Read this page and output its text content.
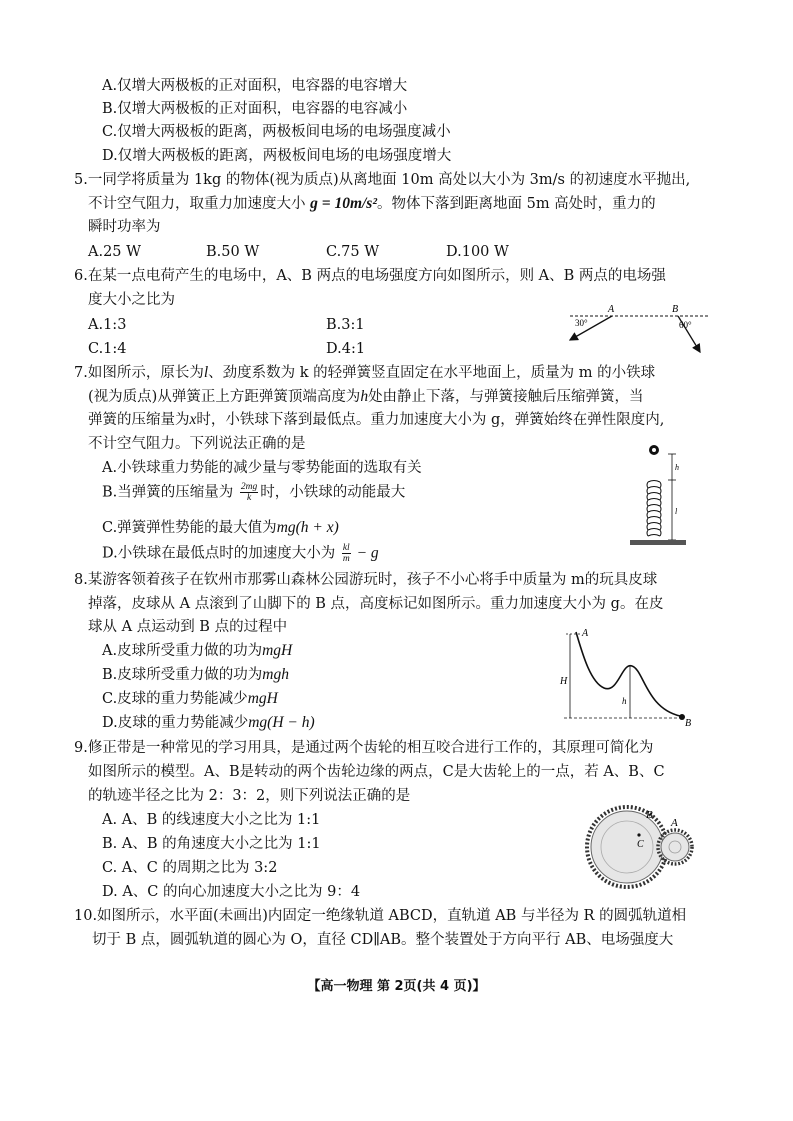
A.仅增大两极板的正对面积，电容器的电容增大
B.仅增大两极板的正对面积，电容器的电容减小
C.仅增大两极板的距离，两极板间电场的电场强度减小
D.仅增大两极板的距离，两极板间电场的电场强度增大
5.一同学将质量为 1kg 的物体(视为质点)从离地面 10m 高处以大小为 3m/s 的初速度水平抛出,
不计空气阻力，取重力加速度大小 g = 10m/s²。物体下落到距离地面 5m 高处时，重力的
瞬时功率为
A.25 W	B.50 W	C.75 W	D.100 W
6.在某一点电荷产生的电场中，A、B 两点的电场强度方向如图所示，则 A、B 两点的电场强
度大小之比为
A.1:3	B.3:1
C.1:4	D.4:1
A	B
30°	60°
7.如图所示，原长为l、劲度系数为 k 的轻弹簧竖直固定在水平地面上，质量为 m 的小铁球
(视为质点)从弹簧正上方距弹簧顶端高度为h处由静止下落，与弹簧接触后压缩弹簧，当
弹簧的压缩量为x时，小铁球下落到最低点。重力加速度大小为 g，弹簧始终在弹性限度内,
不计空气阻力。下列说法正确的是
A.小铁球重力势能的减少量与零势能面的选取有关
B.当弹簧的压缩量为 $\frac{2mg}{k}$ 时，小铁球的动能最大
C.弹簧弹性势能的最大值为mg(h + x)
D.小铁球在最低点时的加速度大小为 $\frac{kl}{m} - g$
h
l
8.某游客领着孩子在钦州市那雾山森林公园游玩时，孩子不小心将手中质量为 m的玩具皮球
掉落，皮球从 A 点滚到了山脚下的 B 点，高度标记如图所示。重力加速度大小为 g。在皮
球从 A 点运动到 B 点的过程中
A.皮球所受重力做的功为mgH
B.皮球所受重力做的功为mgh
C.皮球的重力势能减少mgH
D.皮球的重力势能减少mg(H − h)
A
B
H
h
9.修正带是一种常见的学习用具，是通过两个齿轮的相互咬合进行工作的，其原理可简化为
如图所示的模型。A、B是转动的两个齿轮边缘的两点，C是大齿轮上的一点，若 A、B、C
的轨迹半径之比为 2：3：2，则下列说法正确的是
A. A、B 的线速度大小之比为 1:1
B. A、B 的角速度大小之比为 1:1
C. A、C 的周期之比为 3:2
D. A、C 的向心加速度大小之比为 9：4
B
C
A
10.如图所示，水平面(未画出)内固定一绝缘轨道 ABCD，直轨道 AB 与半径为 R 的圆弧轨道相
切于 B 点，圆弧轨道的圆心为 O，直径 CD∥AB。整个装置处于方向平行 AB、电场强度大
【高一物理 第 2页(共 4 页)】
